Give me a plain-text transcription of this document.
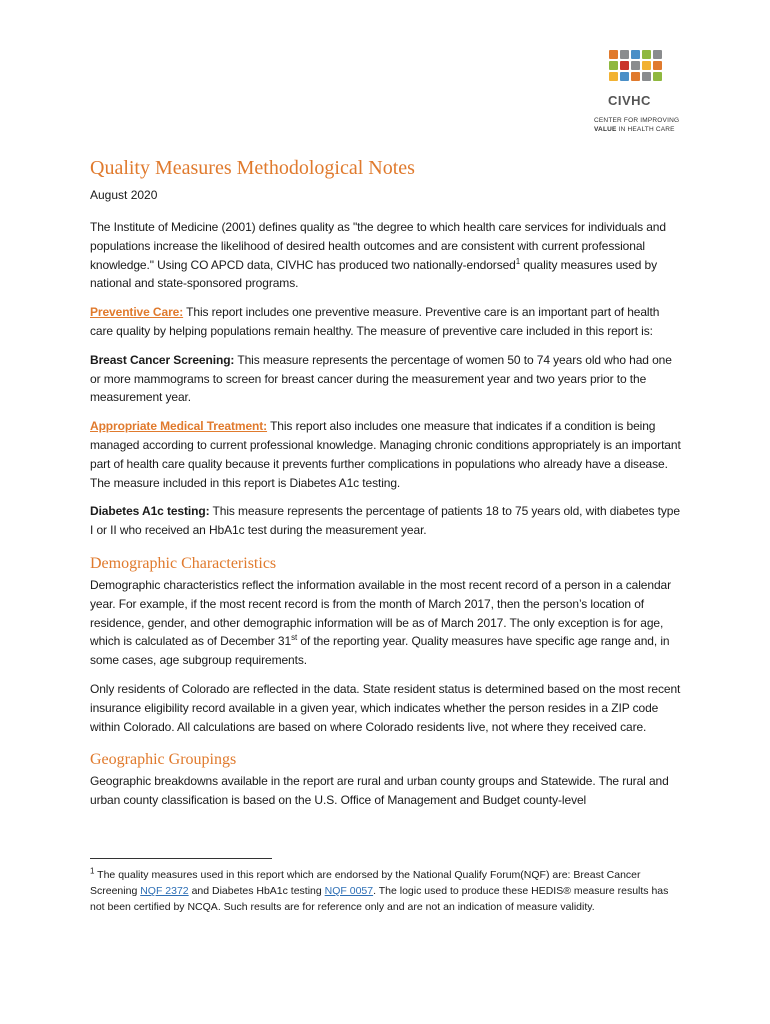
CIVHC
CENTER FOR IMPROVING
VALUE IN HEALTH CARE
Quality Measures Methodological Notes
August 2020

The Institute of Medicine (2001) defines quality as "the degree to which health care services for individuals and populations increase the likelihood of desired health outcomes and are consistent with current professional knowledge." Using CO APCD data, CIVHC has produced two nationally-endorsed$^1$ quality measures used by national and state-sponsored programs.

Preventive Care: This report includes one preventive measure. Preventive care is an important part of health care quality by helping populations remain healthy. The measure of preventive care included in this report is:

Breast Cancer Screening: This measure represents the percentage of women 50 to 74 years old who had one or more mammograms to screen for breast cancer during the measurement year and two years prior to the measurement year.

Appropriate Medical Treatment: This report also includes one measure that indicates if a condition is being managed according to current professional knowledge. Managing chronic conditions appropriately is an important part of health care quality because it prevents further complications in populations who already have a disease. The measure included in this report is Diabetes A1c testing.

Diabetes A1c testing: This measure represents the percentage of patients 18 to 75 years old, with diabetes type I or II who received an HbA1c test during the measurement year.

Demographic Characteristics

Demographic characteristics reflect the information available in the most recent record of a person in a calendar year. For example, if the most recent record is from the month of March 2017, then the person’s location of residence, gender, and other demographic information will be as of March 2017. The only exception is for age, which is calculated as of December 31st of the reporting year. Quality measures have specific age range and, in some cases, age subgroup requirements.

Only residents of Colorado are reflected in the data. State resident status is determined based on the most recent insurance eligibility record available in a given year, which indicates whether the person resides in a ZIP code within Colorado. All calculations are based on where Colorado residents live, not where they received care.

Geographic Groupings

Geographic breakdowns available in the report are rural and urban county groups and Statewide. The rural and urban county classification is based on the U.S. Office of Management and Budget county-level

$^1$ The quality measures used in this report which are endorsed by the National Qualify Forum(NQF) are: Breast Cancer Screening NQF 2372 and Diabetes HbA1c testing NQF 0057. The logic used to produce these HEDIS® measure results has not been certified by NCQA. Such results are for reference only and are not an indication of measure validity.
